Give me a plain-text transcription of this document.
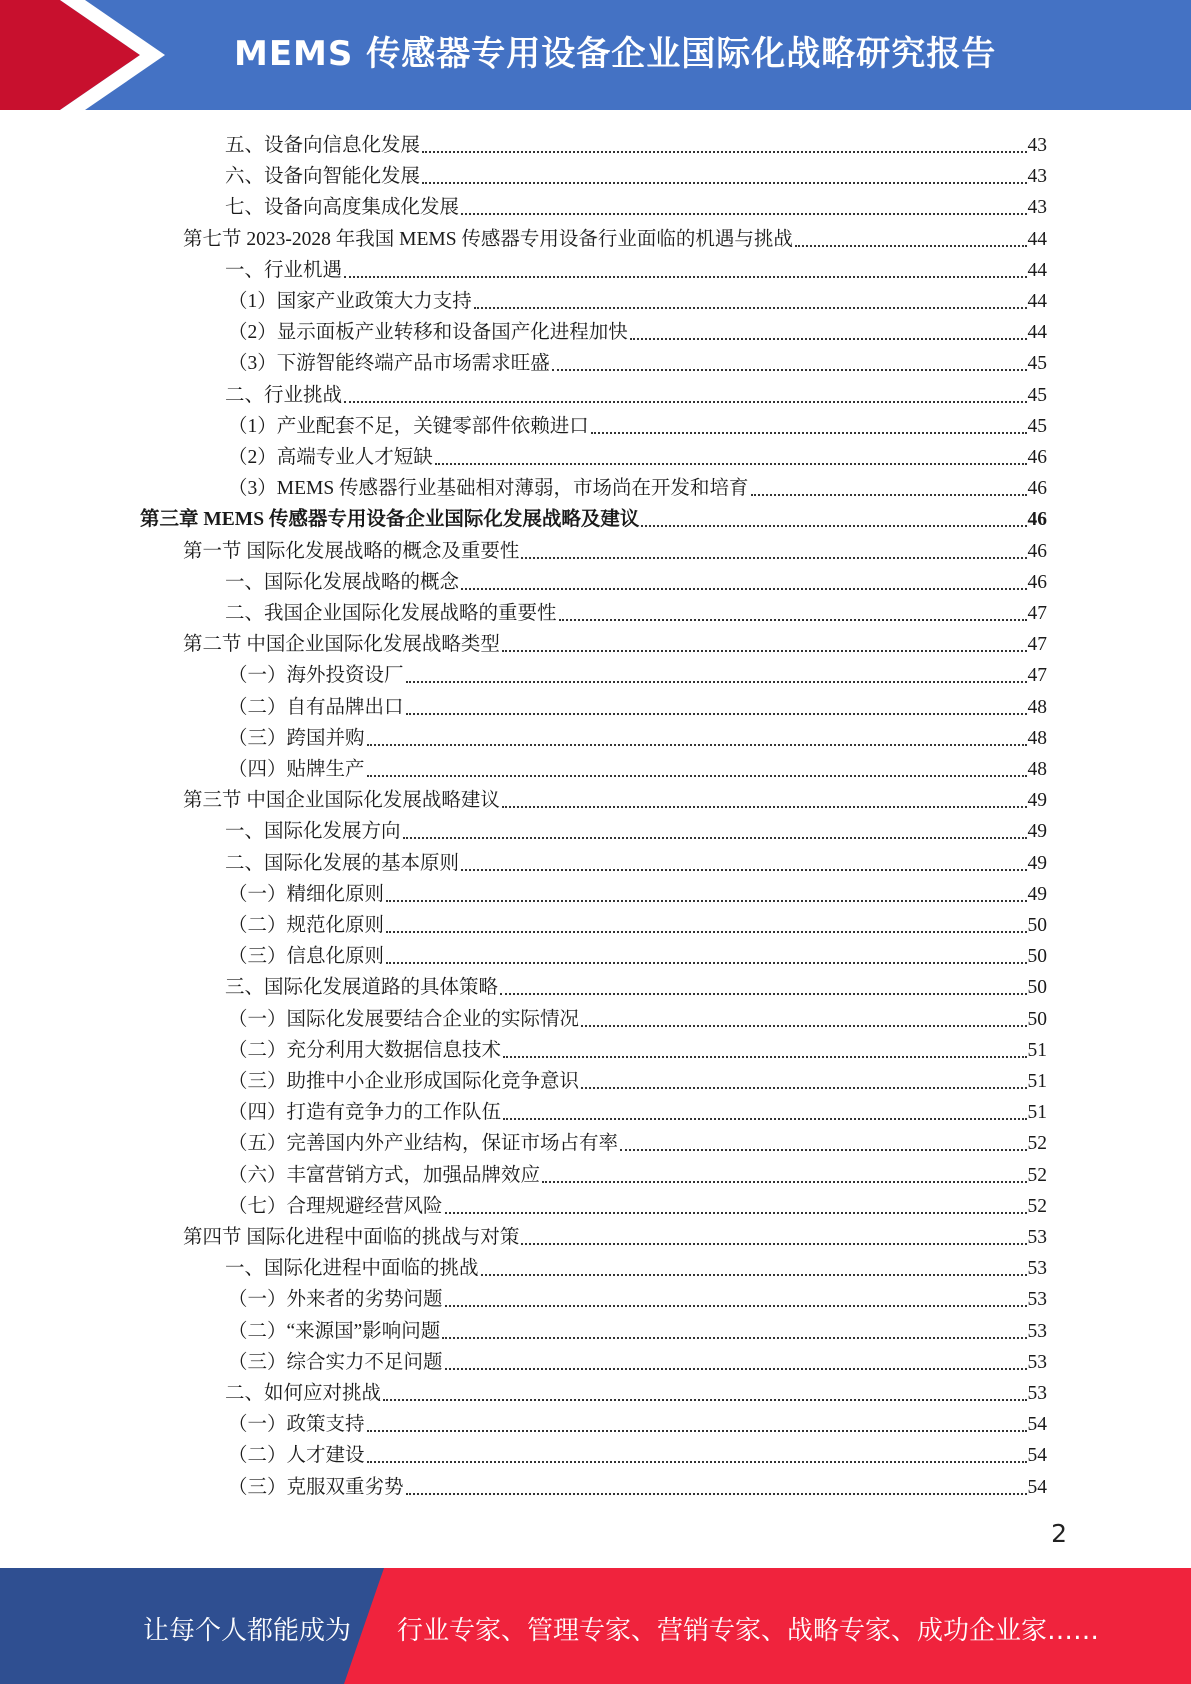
MEMS 传感器专用设备企业国际化战略研究报告
五、设备向信息化发展	43
六、设备向智能化发展	43
七、设备向高度集成化发展	43
第七节 2023-2028 年我国 MEMS 传感器专用设备行业面临的机遇与挑战	44
一、行业机遇	44
（1）国家产业政策大力支持	44
（2）显示面板产业转移和设备国产化进程加快	44
（3）下游智能终端产品市场需求旺盛	45
二、行业挑战	45
（1）产业配套不足，关键零部件依赖进口	45
（2）高端专业人才短缺	46
（3）MEMS 传感器行业基础相对薄弱，市场尚在开发和培育	46
第三章 MEMS 传感器专用设备企业国际化发展战略及建议	46
第一节 国际化发展战略的概念及重要性	46
一、国际化发展战略的概念	46
二、我国企业国际化发展战略的重要性	47
第二节 中国企业国际化发展战略类型	47
（一）海外投资设厂	47
（二）自有品牌出口	48
（三）跨国并购	48
（四）贴牌生产	48
第三节 中国企业国际化发展战略建议	49
一、国际化发展方向	49
二、国际化发展的基本原则	49
（一）精细化原则	49
（二）规范化原则	50
（三）信息化原则	50
三、国际化发展道路的具体策略	50
（一）国际化发展要结合企业的实际情况	50
（二）充分利用大数据信息技术	51
（三）助推中小企业形成国际化竞争意识	51
（四）打造有竞争力的工作队伍	51
（五）完善国内外产业结构，保证市场占有率	52
（六）丰富营销方式，加强品牌效应	52
（七）合理规避经营风险	52
第四节 国际化进程中面临的挑战与对策	53
一、国际化进程中面临的挑战	53
（一）外来者的劣势问题	53
（二）“来源国”影响问题	53
（三）综合实力不足问题	53
二、如何应对挑战	53
（一）政策支持	54
（二）人才建设	54
（三）克服双重劣势	54
2
让每个人都能成为 行业专家、管理专家、营销专家、战略专家、成功企业家……
